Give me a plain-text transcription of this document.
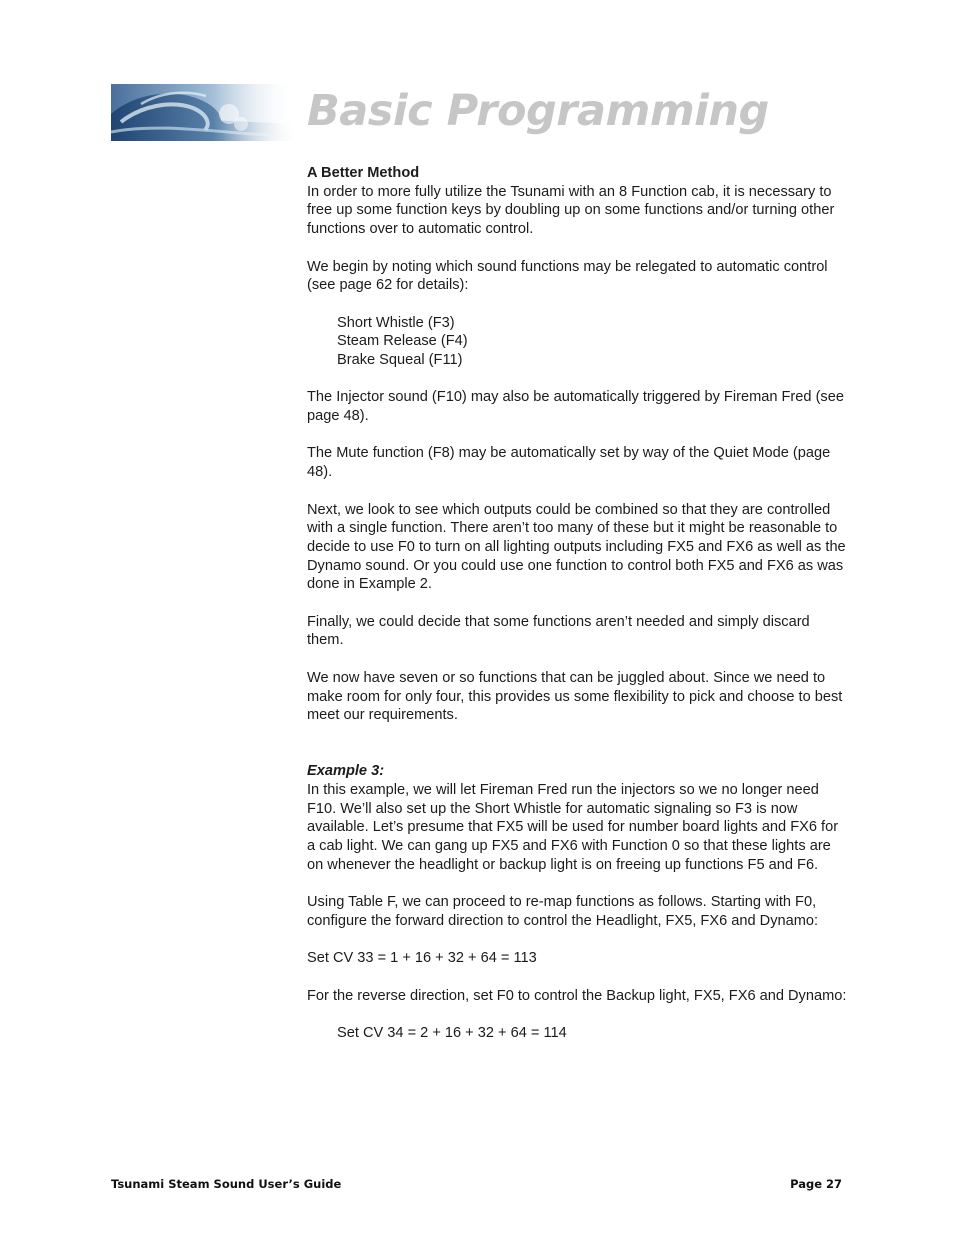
Basic Programming

A Better Method

In order to more fully utilize the Tsunami with an 8 Function cab, it is necessary to free up some function keys by doubling up on some functions and/or turning other functions over to automatic control.

We begin by noting which sound functions may be relegated to automatic control (see page 62 for details):

Short Whistle (F3)
Steam Release (F4)
Brake Squeal (F11)

The Injector sound (F10) may also be automatically triggered by Fireman Fred (see page 48).

The Mute function (F8) may be automatically set by way of the Quiet Mode (page 48).

Next, we look to see which outputs could be combined so that they are controlled with a single function. There aren’t too many of these but it might be reasonable to decide to use F0 to turn on all lighting outputs including FX5 and FX6 as well as the Dynamo sound. Or you could use one function to control both FX5 and FX6 as was done in Example 2.

Finally, we could decide that some functions aren’t needed and simply discard them.

We now have seven or so functions that can be juggled about. Since we need to make room for only four, this provides us some flexibility to pick and choose to best meet our requirements.

Example 3:

In this example, we will let Fireman Fred run the injectors so we no longer need F10. We’ll also set up the Short Whistle for automatic signaling so F3 is now available. Let’s presume that FX5 will be used for number board lights and FX6 for a cab light. We can gang up FX5 and FX6 with Function 0 so that these lights are on whenever the headlight or backup light is on freeing up functions F5 and F6.

Using Table F, we can proceed to re-map functions as follows. Starting with F0, configure the forward direction to control the Headlight, FX5, FX6 and Dynamo:

Set CV 33 = 1 + 16 + 32 + 64 = 113

For the reverse direction, set F0 to control the Backup light, FX5, FX6 and Dynamo:

Set CV 34 = 2 + 16 + 32 + 64 = 114

Tsunami Steam Sound User’s Guide	Page 27
